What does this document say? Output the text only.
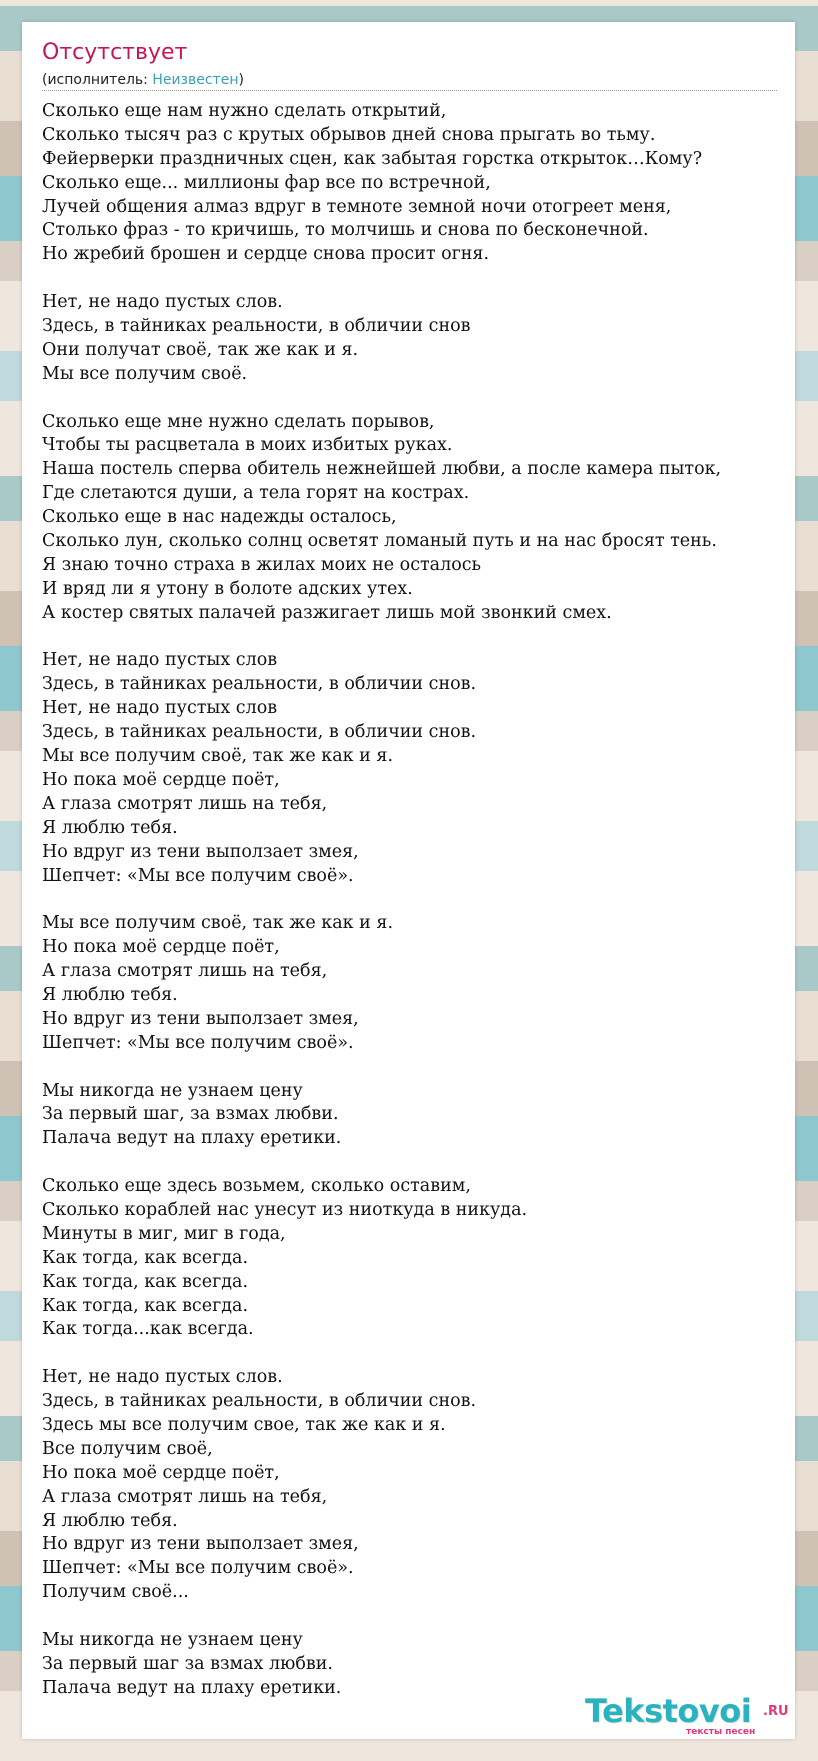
Отсутствует
(исполнитель: Неизвестен)
Сколько еще нам нужно сделать открытий,
Сколько тысяч раз с крутых обрывов дней снова прыгать во тьму.
Фейерверки праздничных сцен, как забытая горстка открыток…Кому?
Сколько еще... миллионы фар все по встречной,
Лучей общения алмаз вдруг в темноте земной ночи отогреет меня,
Столько фраз - то кричишь, то молчишь и снова по бесконечной.
Но жребий брошен и сердце снова просит огня.
Нет, не надо пустых слов.
Здесь, в тайниках реальности, в обличии снов
Они получат своё, так же как и я.
Мы все получим своё.
Сколько еще мне нужно сделать порывов,
Чтобы ты расцветала в моих избитых руках.
Наша постель сперва обитель нежнейшей любви, а после камера пыток,
Где слетаются души, а тела горят на кострах.
Сколько еще в нас надежды осталось,
Сколько лун, сколько солнц осветят ломаный путь и на нас бросят тень.
Я знаю точно страха в жилах моих не осталось
И вряд ли я утону в болоте адских утех.
А костер святых палачей разжигает лишь мой звонкий смех.
Нет, не надо пустых слов
Здесь, в тайниках реальности, в обличии снов.
Нет, не надо пустых слов
Здесь, в тайниках реальности, в обличии снов.
Мы все получим своё, так же как и я.
Но пока моё сердце поёт,
А глаза смотрят лишь на тебя,
Я люблю тебя.
Но вдруг из тени выползает змея,
Шепчет: «Мы все получим своё».
Мы все получим своё, так же как и я.
Но пока моё сердце поёт,
А глаза смотрят лишь на тебя,
Я люблю тебя.
Но вдруг из тени выползает змея,
Шепчет: «Мы все получим своё».
Мы никогда не узнаем цену
За первый шаг, за взмах любви.
Палача ведут на плаху еретики.
Сколько еще здесь возьмем, сколько оставим,
Сколько кораблей нас унесут из ниоткуда в никуда.
Минуты в миг, миг в года,
Как тогда, как всегда.
Как тогда, как всегда.
Как тогда, как всегда.
Как тогда...как всегда.
Нет, не надо пустых слов.
Здесь, в тайниках реальности, в обличии снов.
Здесь мы все получим свое, так же как и я.
Все получим своё,
Но пока моё сердце поёт,
А глаза смотрят лишь на тебя,
Я люблю тебя.
Но вдруг из тени выползает змея,
Шепчет: «Мы все получим своё».
Получим своё...
Мы никогда не узнаем цену
За первый шаг за взмах любви.
Палача ведут на плаху еретики.
Tekstovoi .RU
тексты песен
